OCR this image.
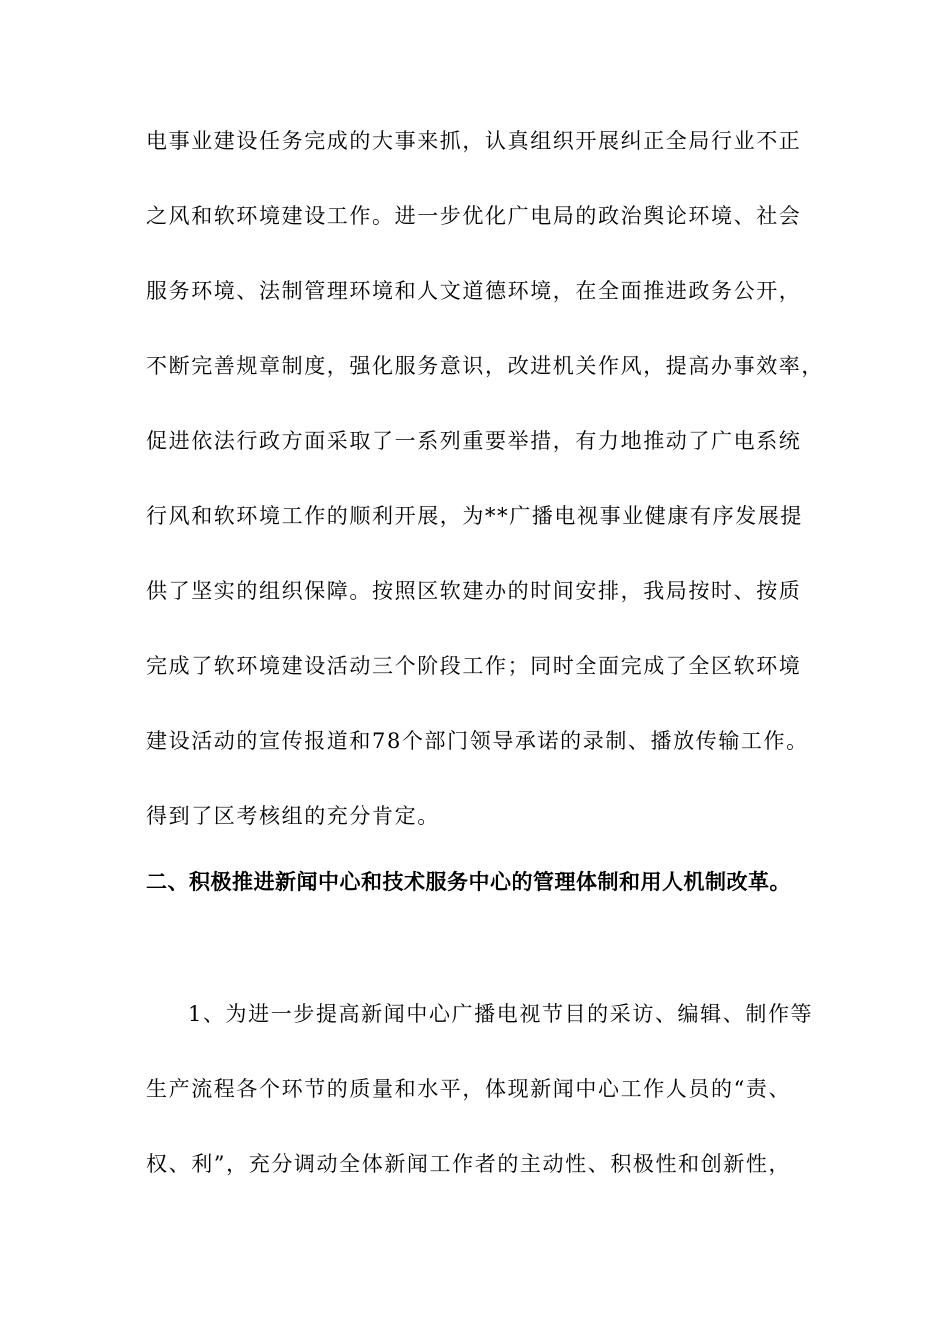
电事业建设任务完成的大事来抓，认真组织开展纠正全局行业不正
之风和软环境建设工作。进一步优化广电局的政治舆论环境、社会
服务环境、法制管理环境和人文道德环境，在全面推进政务公开，
不断完善规章制度，强化服务意识，改进机关作风，提高办事效率，
促进依法行政方面采取了一系列重要举措，有力地推动了广电系统
行风和软环境工作的顺利开展，为**广播电视事业健康有序发展提
供了坚实的组织保障。按照区软建办的时间安排，我局按时、按质
完成了软环境建设活动三个阶段工作；同时全面完成了全区软环境
建设活动的宣传报道和78个部门领导承诺的录制、播放传输工作。
得到了区考核组的充分肯定。
二、积极推进新闻中心和技术服务中心的管理体制和用人机制改革。
1、为进一步提高新闻中心广播电视节目的采访、编辑、制作等
生产流程各个环节的质量和水平，体现新闻中心工作人员的“责、
权、利”，充分调动全体新闻工作者的主动性、积极性和创新性，
